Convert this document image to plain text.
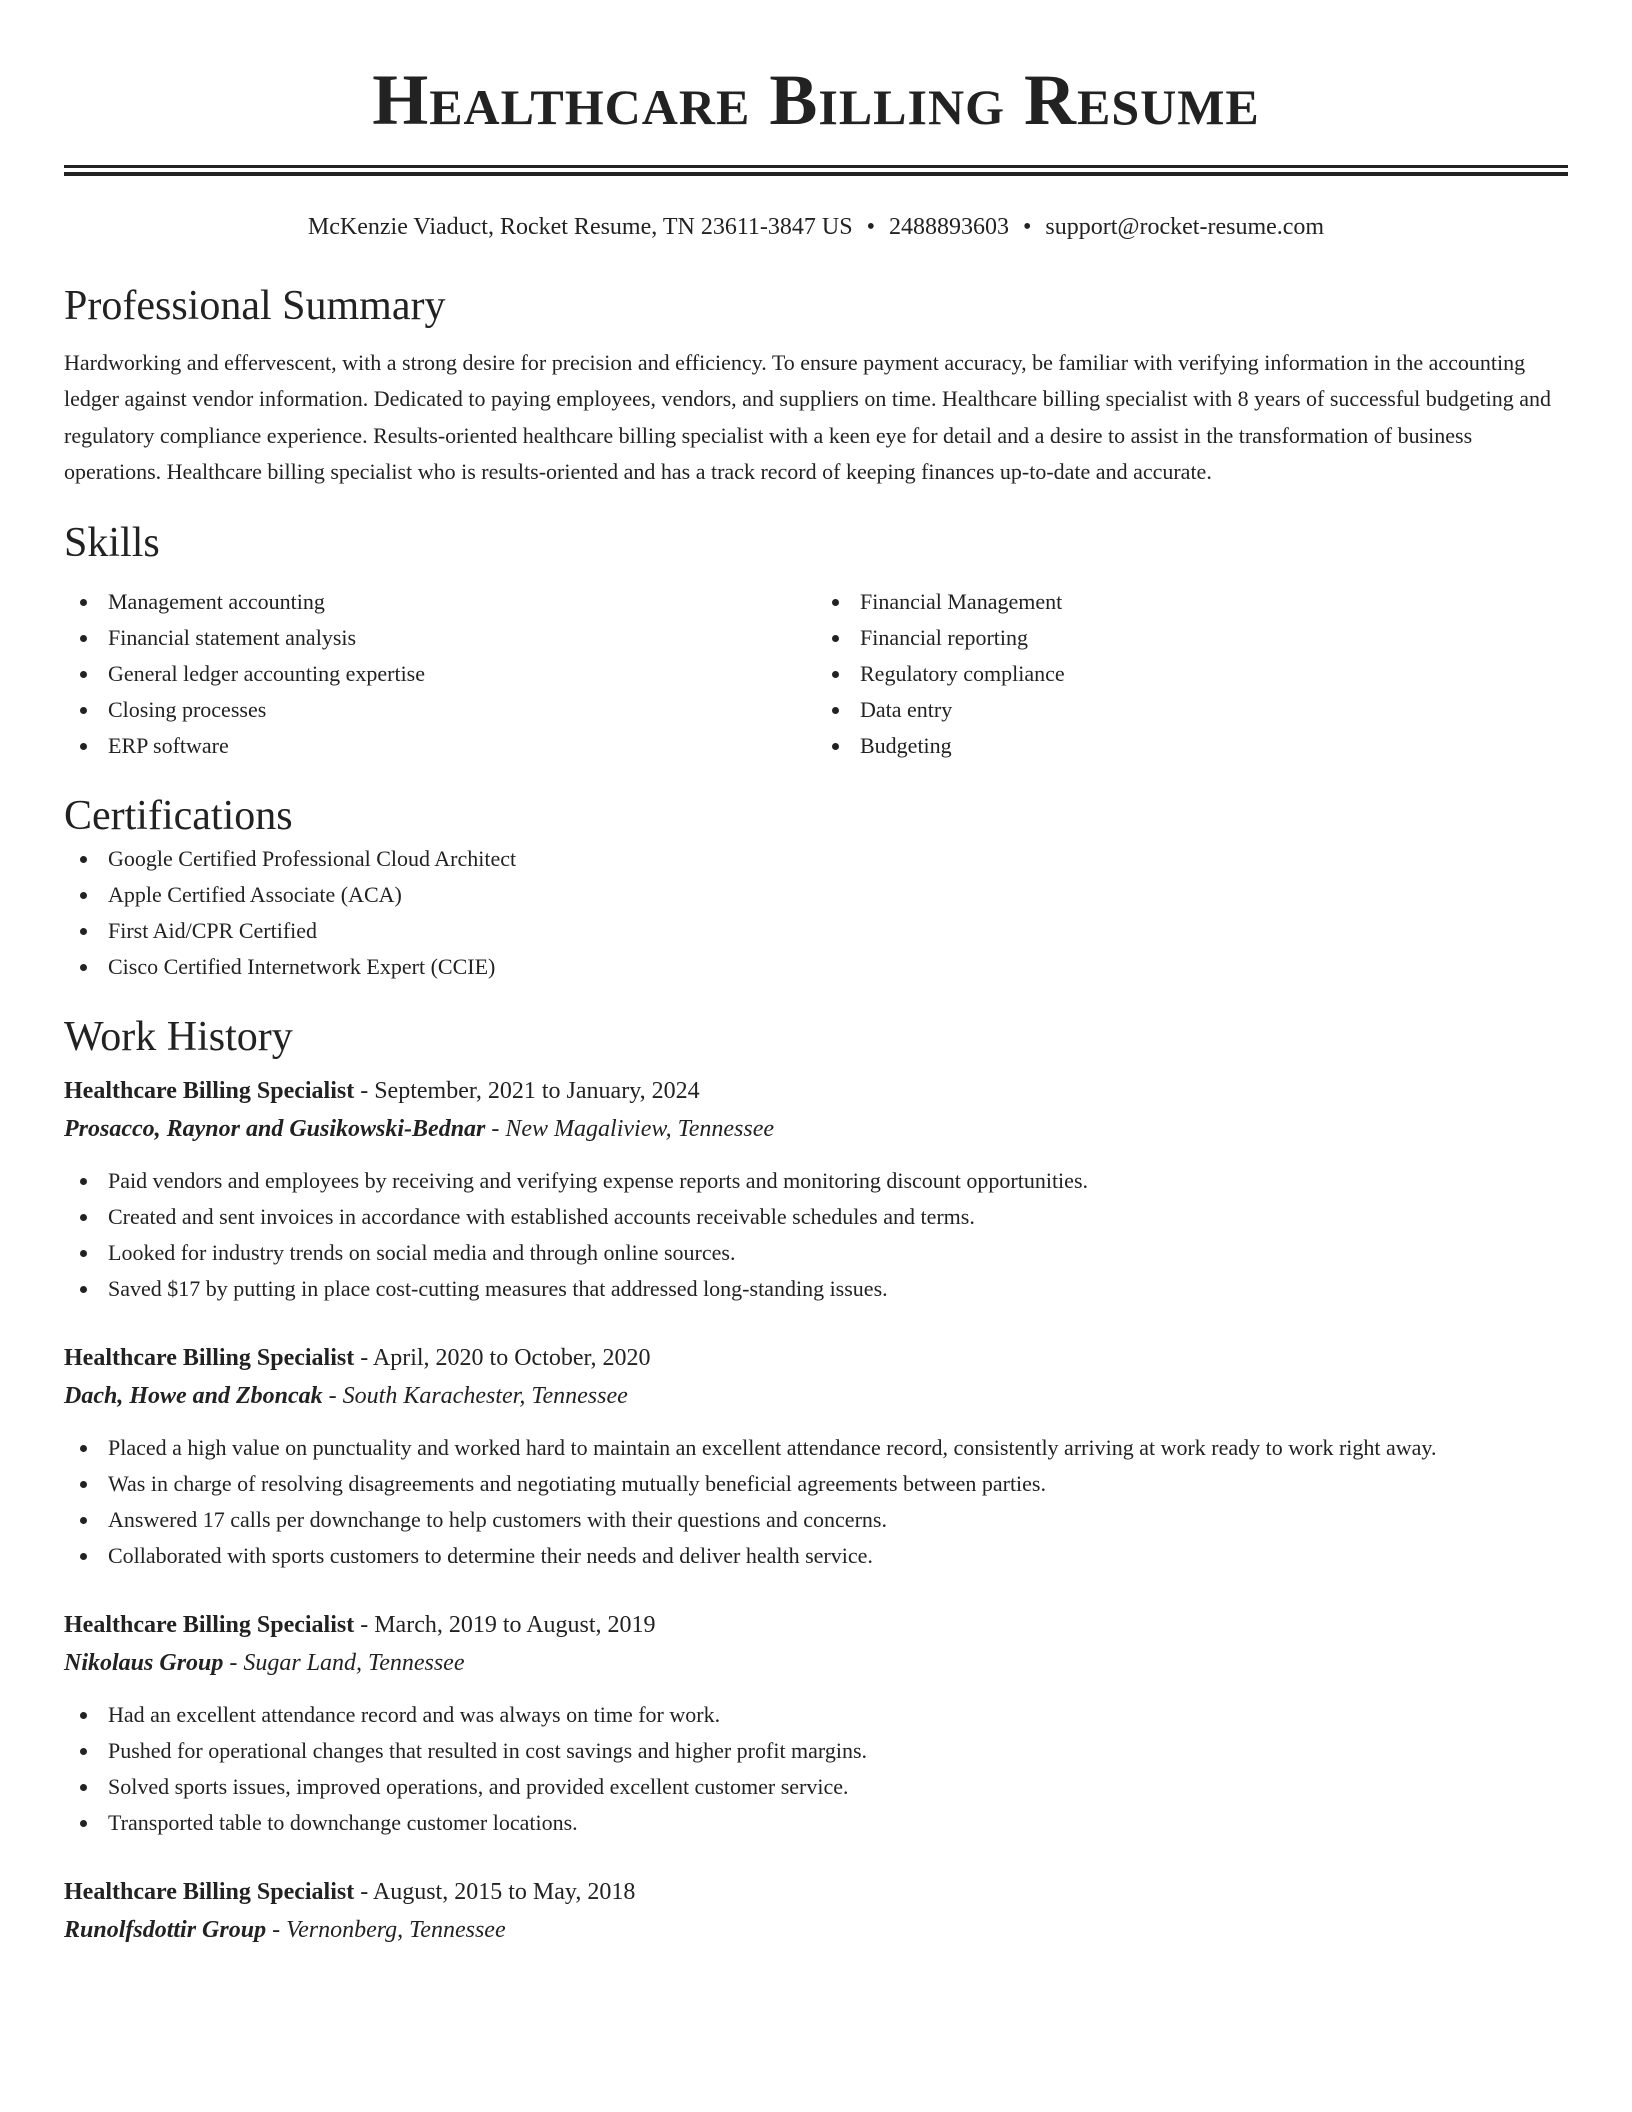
Healthcare Billing Resume
McKenzie Viaduct, Rocket Resume, TN 23611-3847 US • 2488893603 • support@rocket-resume.com
Professional Summary

Hardworking and effervescent, with a strong desire for precision and efficiency. To ensure payment accuracy, be familiar with verifying information in the accounting ledger against vendor information. Dedicated to paying employees, vendors, and suppliers on time. Healthcare billing specialist with 8 years of successful budgeting and regulatory compliance experience. Results-oriented healthcare billing specialist with a keen eye for detail and a desire to assist in the transformation of business operations. Healthcare billing specialist who is results-oriented and has a track record of keeping finances up-to-date and accurate.

Skills
Management accounting
Financial statement analysis
General ledger accounting expertise
Closing processes
ERP software
Financial Management
Financial reporting
Regulatory compliance
Data entry
Budgeting
Certifications
Google Certified Professional Cloud Architect
Apple Certified Associate (ACA)
First Aid/CPR Certified
Cisco Certified Internetwork Expert (CCIE)
Work History
Healthcare Billing Specialist - September, 2021 to January, 2024
Prosacco, Raynor and Gusikowski-Bednar - New Magaliview, Tennessee
Paid vendors and employees by receiving and verifying expense reports and monitoring discount opportunities.
Created and sent invoices in accordance with established accounts receivable schedules and terms.
Looked for industry trends on social media and through online sources.
Saved $17 by putting in place cost-cutting measures that addressed long-standing issues.
Healthcare Billing Specialist - April, 2020 to October, 2020
Dach, Howe and Zboncak - South Karachester, Tennessee
Placed a high value on punctuality and worked hard to maintain an excellent attendance record, consistently arriving at work ready to work right away.
Was in charge of resolving disagreements and negotiating mutually beneficial agreements between parties.
Answered 17 calls per downchange to help customers with their questions and concerns.
Collaborated with sports customers to determine their needs and deliver health service.
Healthcare Billing Specialist - March, 2019 to August, 2019
Nikolaus Group - Sugar Land, Tennessee
Had an excellent attendance record and was always on time for work.
Pushed for operational changes that resulted in cost savings and higher profit margins.
Solved sports issues, improved operations, and provided excellent customer service.
Transported table to downchange customer locations.
Healthcare Billing Specialist - August, 2015 to May, 2018
Runolfsdottir Group - Vernonberg, Tennessee
